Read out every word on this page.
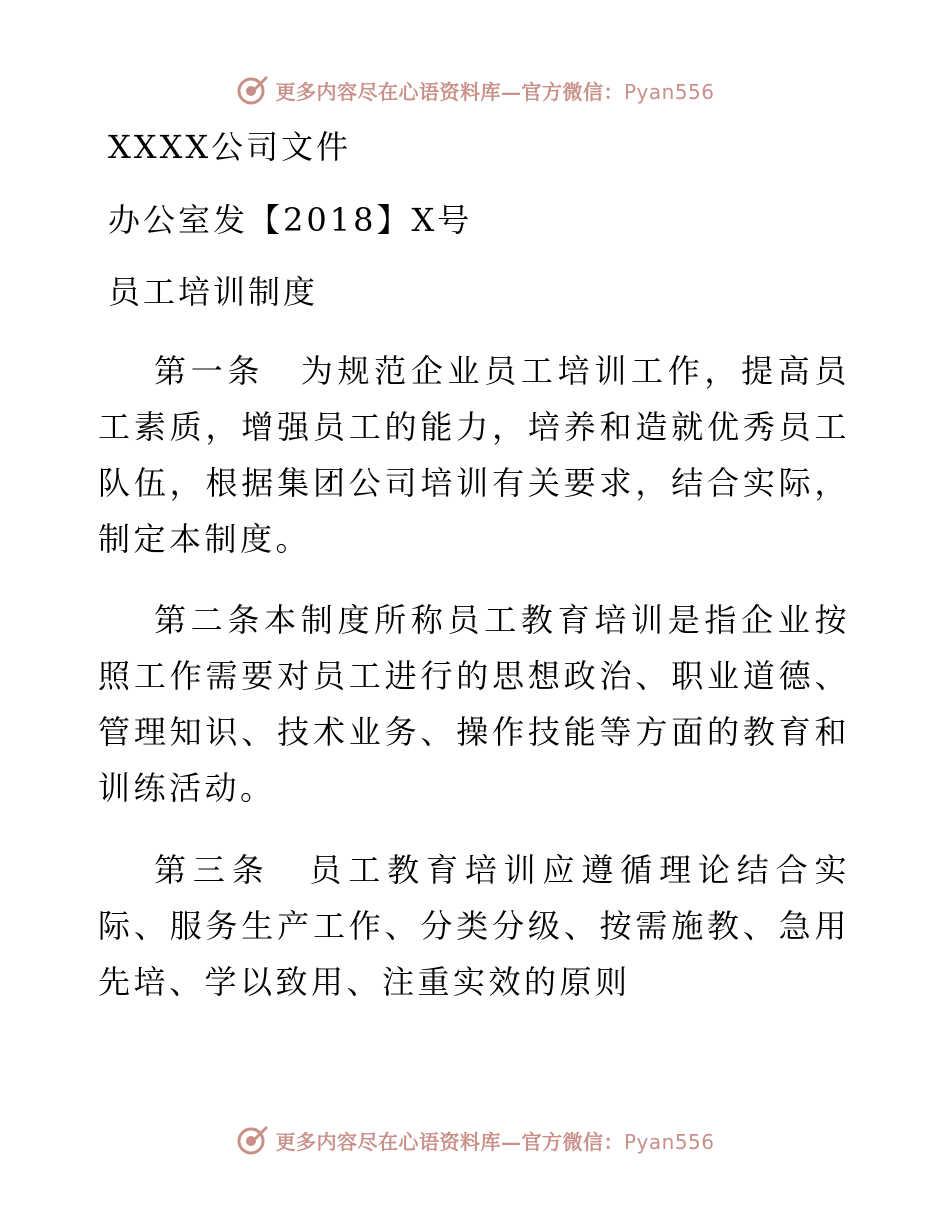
更多内容尽在心语资料库—官方微信：Pyan556
XXXX公司文件
办公室发【2018】X号
员工培训制度

第一条　为规范企业员工培训工作，提高员工素质，增强员工的能力，培养和造就优秀员工队伍，根据集团公司培训有关要求，结合实际，制定本制度。

第二条本制度所称员工教育培训是指企业按照工作需要对员工进行的思想政治、职业道德、管理知识、技术业务、操作技能等方面的教育和训练活动。

第三条　员工教育培训应遵循理论结合实际、服务生产工作、分类分级、按需施教、急用先培、学以致用、注重实效的原则

更多内容尽在心语资料库—官方微信：Pyan556
